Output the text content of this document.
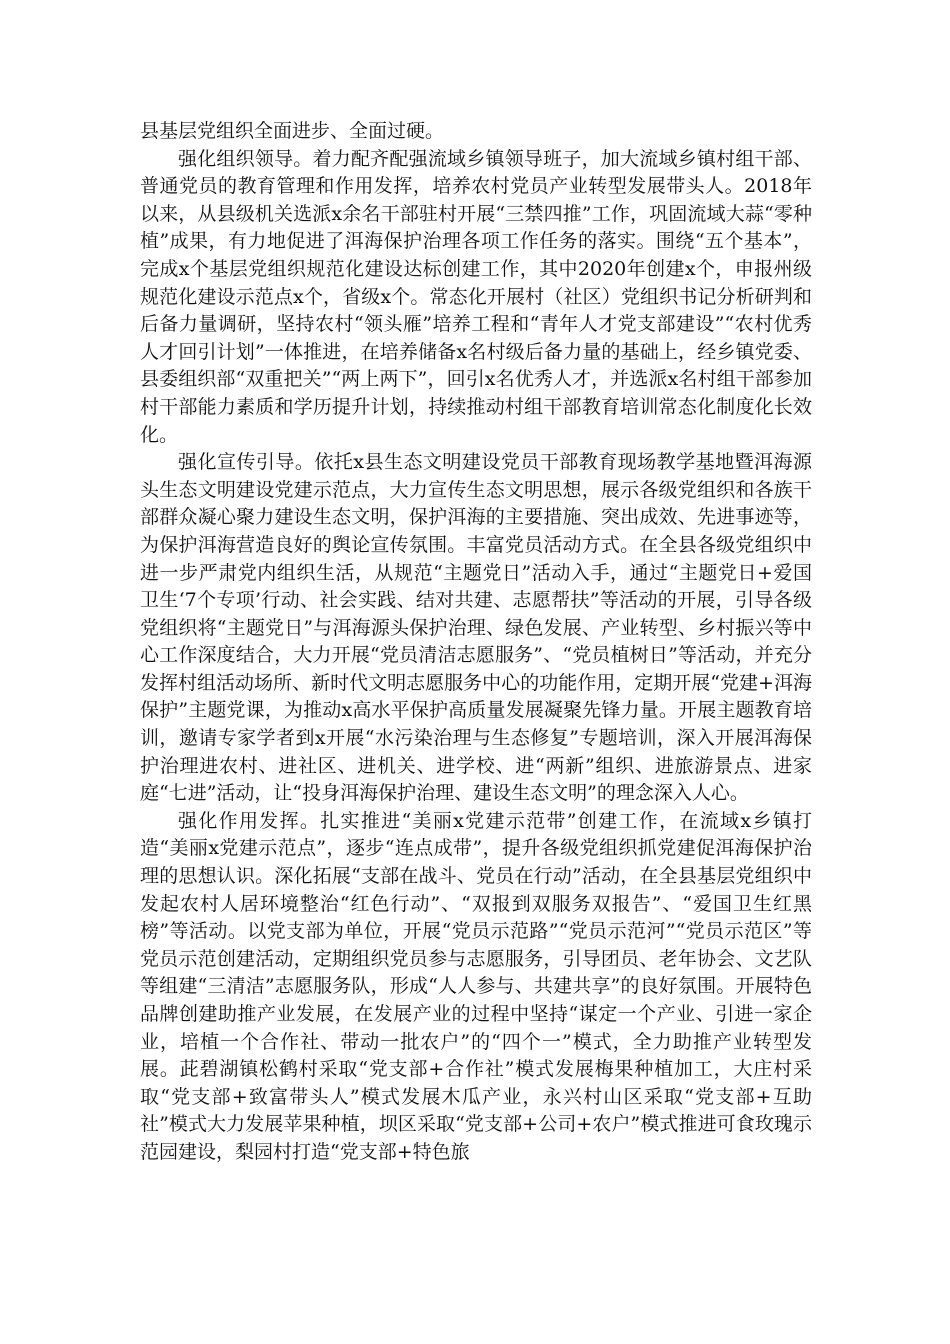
县基层党组织全面进步、全面过硬。

强化组织领导。着力配齐配强流域乡镇领导班子，加大流域乡镇村组干部、普通党员的教育管理和作用发挥，培养农村党员产业转型发展带头人。2018年以来，从县级机关选派x余名干部驻村开展“三禁四推”工作，巩固流域大蒜“零种植”成果，有力地促进了洱海保护治理各项工作任务的落实。围绕“五个基本”，完成x个基层党组织规范化建设达标创建工作，其中2020年创建x个，申报州级规范化建设示范点x个，省级x个。常态化开展村（社区）党组织书记分析研判和后备力量调研，坚持农村“领头雁”培养工程和“青年人才党支部建设”“农村优秀人才回引计划”一体推进，在培养储备x名村级后备力量的基础上，经乡镇党委、县委组织部“双重把关”“两上两下”，回引x名优秀人才，并选派x名村组干部参加村干部能力素质和学历提升计划，持续推动村组干部教育培训常态化制度化长效化。

强化宣传引导。依托x县生态文明建设党员干部教育现场教学基地暨洱海源头生态文明建设党建示范点，大力宣传生态文明思想，展示各级党组织和各族干部群众凝心聚力建设生态文明，保护洱海的主要措施、突出成效、先进事迹等，为保护洱海营造良好的舆论宣传氛围。丰富党员活动方式。在全县各级党组织中进一步严肃党内组织生活，从规范“主题党日”活动入手，通过“主题党日+爱国卫生‘7个专项’行动、社会实践、结对共建、志愿帮扶”等活动的开展，引导各级党组织将“主题党日”与洱海源头保护治理、绿色发展、产业转型、乡村振兴等中心工作深度结合，大力开展“党员清洁志愿服务”、“党员植树日”等活动，并充分发挥村组活动场所、新时代文明志愿服务中心的功能作用，定期开展“党建+洱海保护”主题党课，为推动x高水平保护高质量发展凝聚先锋力量。开展主题教育培训，邀请专家学者到x开展“水污染治理与生态修复”专题培训，深入开展洱海保护治理进农村、进社区、进机关、进学校、进“两新”组织、进旅游景点、进家庭“七进”活动，让“投身洱海保护治理、建设生态文明”的理念深入人心。

强化作用发挥。扎实推进“美丽x党建示范带”创建工作，在流域x乡镇打造“美丽x党建示范点”，逐步“连点成带”，提升各级党组织抓党建促洱海保护治理的思想认识。深化拓展“支部在战斗、党员在行动”活动，在全县基层党组织中发起农村人居环境整治“红色行动”、“双报到双服务双报告”、“爱国卫生红黑榜”等活动。以党支部为单位，开展“党员示范路”“党员示范河”“党员示范区”等党员示范创建活动，定期组织党员参与志愿服务，引导团员、老年协会、文艺队等组建“三清洁”志愿服务队，形成“人人参与、共建共享”的良好氛围。开展特色品牌创建助推产业发展，在发展产业的过程中坚持“谋定一个产业、引进一家企业，培植一个合作社、带动一批农户”的“四个一”模式，全力助推产业转型发展。茈碧湖镇松鹤村采取“党支部+合作社”模式发展梅果种植加工，大庄村采取“党支部+致富带头人”模式发展木瓜产业，永兴村山区采取“党支部+互助社”模式大力发展苹果种植，坝区采取“党支部+公司+农户”模式推进可食玫瑰示范园建设，梨园村打造“党支部+特色旅
